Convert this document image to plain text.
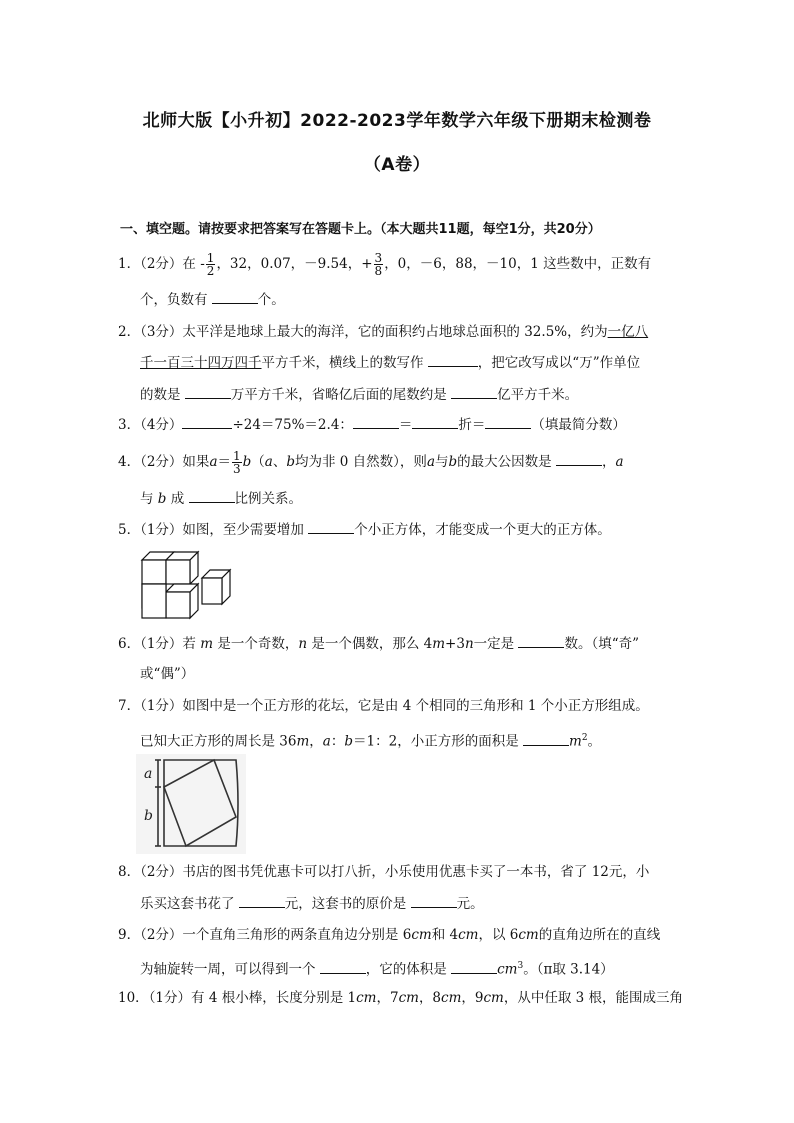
北师大版【小升初】2022-2023学年数学六年级下册期末检测卷
（A卷）
一、填空题。请按要求把答案写在答题卡上。（本大题共11题，每空1分，共20分）
1．（2分）在 - $\frac{1}{2}$ ，32，0.07，－9.54，+ $\frac{3}{8}$ ，0，－6，88，－10，1 这些数中，正数有
个，负数有	个。
2．（3分）太平洋是地球上最大的海洋，它的面积约占地球总面积的 32.5%，约为一亿八
千一百三十四万四千平方千米，横线上的数写作	，把它改写成以“万”作单位
的数是	万平方千米，省略亿后面的尾数约是	亿平方千米。
3．（4分）	÷24＝75%＝2.4：	＝	折＝	（填最简分数）
4．（2分）如果$a= \frac{1}{3} b(a$、b均为非 0 自然数），则a与b的最大公因数是	，a
与 b 成	比例关系。
5．（1分）如图，至少需要增加	个小正方体，才能变成一个更大的正方体。
6．（1分）若 m 是一个奇数，n 是一个偶数，那么 4m+3n一定是	数。（填“奇”
或“偶”）
7．（1分）如图中是一个正方形的花坛，它是由 4 个相同的三角形和 1 个小正方形组成。
已知大正方形的周长是 36m，a：b＝1：2，小正方形的面积是	$m^2$。
a
b
8．（2分）书店的图书凭优惠卡可以打八折，小乐使用优惠卡买了一本书，省了 12元，小
乐买这套书花了	元，这套书的原价是	元。
9．（2分）一个直角三角形的两条直角边分别是 6cm和 4cm，以 6cm的直角边所在的直线
为轴旋转一周，可以得到一个	，它的体积是	$cm^3$。（π取 3.14）
10．（1分）有 4 根小棒，长度分别是 1cm，7cm，8cm，9cm，从中任取 3 根，能围成三角
